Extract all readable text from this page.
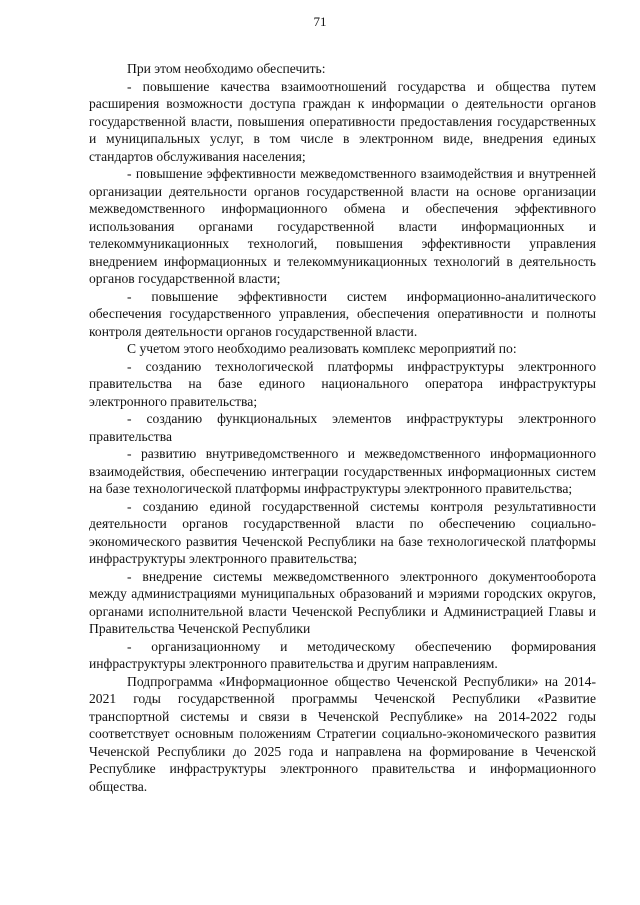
71

При этом необходимо обеспечить:

- повышение качества взаимоотношений государства и общества путем расширения возможности доступа граждан к информации о деятельности органов государственной власти, повышения оперативности предоставления государственных и муниципальных услуг, в том числе в электронном виде, внедрения единых стандартов обслуживания населения;

- повышение эффективности межведомственного взаимодействия и внутренней организации деятельности органов государственной власти на основе организации межведомственного информационного обмена и обеспечения эффективного использования органами государственной власти информационных и телекоммуникационных технологий, повышения эффективности управления внедрением информационных и телекоммуникационных технологий в деятельность органов государственной власти;

- повышение эффективности систем информационно-аналитического обеспечения государственного управления, обеспечения оперативности и полноты контроля деятельности органов государственной власти.

С учетом этого необходимо реализовать комплекс мероприятий по:

- созданию технологической платформы инфраструктуры электронного правительства на базе единого национального оператора инфраструктуры электронного правительства;

- созданию функциональных элементов инфраструктуры электронного правительства

- развитию внутриведомственного и межведомственного информационного взаимодействия, обеспечению интеграции государственных информационных систем на базе технологической платформы инфраструктуры электронного правительства;

- созданию единой государственной системы контроля результативности деятельности органов государственной власти по обеспечению социально-экономического развития Чеченской Республики на базе технологической платформы инфраструктуры электронного правительства;

- внедрение системы межведомственного электронного документооборота между администрациями муниципальных образований и мэриями городских округов, органами исполнительной власти Чеченской Республики и Администрацией Главы и Правительства Чеченской Республики

- организационному и методическому обеспечению формирования инфраструктуры электронного правительства и другим направлениям.

Подпрограмма «Информационное общество Чеченской Республики» на 2014-2021 годы государственной программы Чеченской Республики «Развитие транспортной системы и связи в Чеченской Республике» на 2014-2022 годы соответствует основным положениям Стратегии социально-экономического развития Чеченской Республики до 2025 года и направлена на формирование в Чеченской Республике инфраструктуры электронного правительства и информационного общества.
